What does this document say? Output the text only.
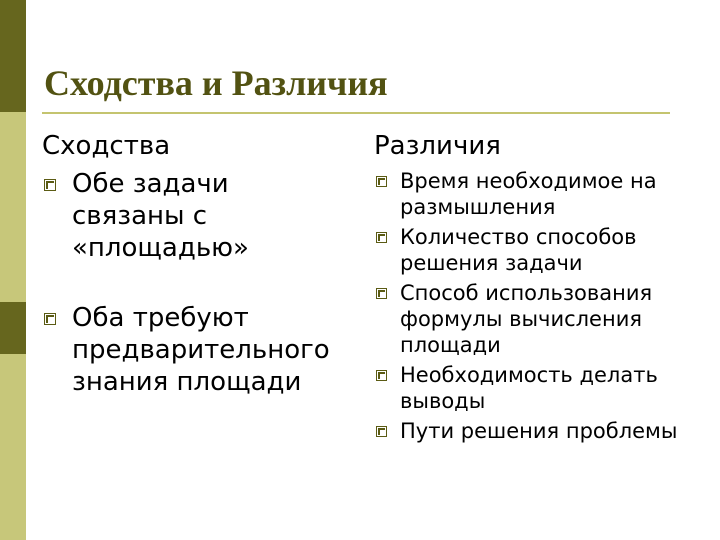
Сходства и Различия
Сходства
Обе задачи связаны с «площадью»
Оба требуют предварительного знания площади
Различия
Время необходимое на размышления
Количество способов решения задачи
Способ использования формулы вычисления площади
Необходимость делать выводы
Пути решения проблемы
